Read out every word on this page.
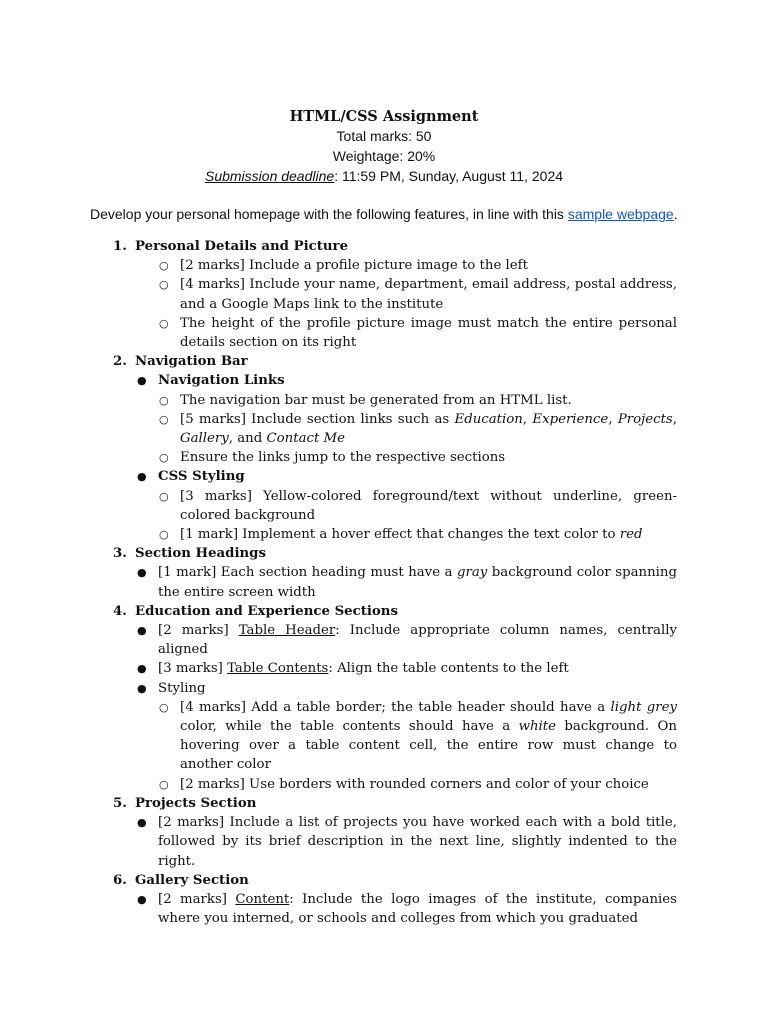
HTML/CSS Assignment
Total marks: 50
Weightage: 20%
Submission deadline: 11:59 PM, Sunday, August 11, 2024
Develop your personal homepage with the following features, in line with this sample webpage.
1. Personal Details and Picture
○ [2 marks] Include a profile picture image to the left
○ [4 marks] Include your name, department, email address, postal address, and a Google Maps link to the institute
○ The height of the profile picture image must match the entire personal details section on its right
2. Navigation Bar
● Navigation Links
○ The navigation bar must be generated from an HTML list.
○ [5 marks] Include section links such as Education, Experience, Projects, Gallery, and Contact Me
○ Ensure the links jump to the respective sections
● CSS Styling
○ [3 marks] Yellow-colored foreground/text without underline, green-colored background
○ [1 mark] Implement a hover effect that changes the text color to red
3. Section Headings
● [1 mark] Each section heading must have a gray background color spanning the entire screen width
4. Education and Experience Sections
● [2 marks] Table Header: Include appropriate column names, centrally aligned
● [3 marks] Table Contents: Align the table contents to the left
● Styling
○ [4 marks] Add a table border; the table header should have a light grey color, while the table contents should have a white background. On hovering over a table content cell, the entire row must change to another color
○ [2 marks] Use borders with rounded corners and color of your choice
5. Projects Section
● [2 marks] Include a list of projects you have worked each with a bold title, followed by its brief description in the next line, slightly indented to the right.
6. Gallery Section
● [2 marks] Content: Include the logo images of the institute, companies where you interned, or schools and colleges from which you graduated
